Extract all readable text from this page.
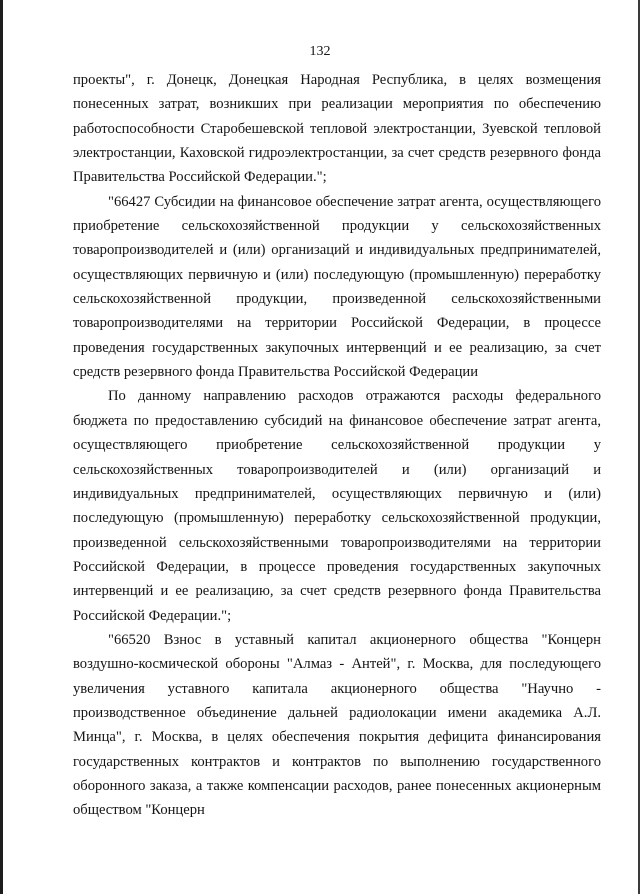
132

проекты", г. Донецк, Донецкая Народная Республика, в целях возмещения понесенных затрат, возникших при реализации мероприятия по обеспечению работоспособности Старобешевской тепловой электростанции, Зуевской тепловой электростанции, Каховской гидроэлектростанции, за счет средств резервного фонда Правительства Российской Федерации.";

"66427 Субсидии на финансовое обеспечение затрат агента, осуществляющего приобретение сельскохозяйственной продукции у сельскохозяйственных товаропроизводителей и (или) организаций и индивидуальных предпринимателей, осуществляющих первичную и (или) последующую (промышленную) переработку сельскохозяйственной продукции, произведенной сельскохозяйственными товаропроизводителями на территории Российской Федерации, в процессе проведения государственных закупочных интервенций и ее реализацию, за счет средств резервного фонда Правительства Российской Федерации

По данному направлению расходов отражаются расходы федерального бюджета по предоставлению субсидий на финансовое обеспечение затрат агента, осуществляющего приобретение сельскохозяйственной продукции у сельскохозяйственных товаропроизводителей и (или) организаций и индивидуальных предпринимателей, осуществляющих первичную и (или) последующую (промышленную) переработку сельскохозяйственной продукции, произведенной сельскохозяйственными товаропроизводителями на территории Российской Федерации, в процессе проведения государственных закупочных интервенций и ее реализацию, за счет средств резервного фонда Правительства Российской Федерации.";

"66520 Взнос в уставный капитал акционерного общества "Концерн воздушно-космической обороны "Алмаз - Антей", г. Москва, для последующего увеличения уставного капитала акционерного общества "Научно - производственное объединение дальней радиолокации имени академика А.Л. Минца", г. Москва, в целях обеспечения покрытия дефицита финансирования государственных контрактов и контрактов по выполнению государственного оборонного заказа, а также компенсации расходов, ранее понесенных акционерным обществом "Концерн
